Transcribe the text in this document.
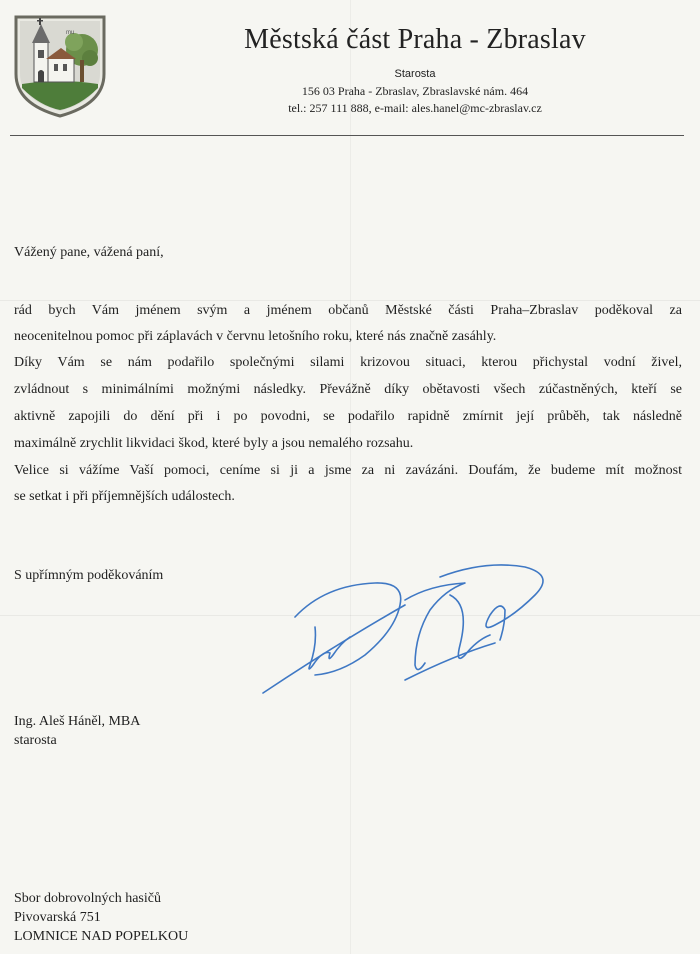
mu	Městská část Praha - Zbraslav
Starosta
156 03 Praha - Zbraslav, Zbraslavské nám. 464
tel.: 257 111 888, e-mail: ales.hanel@mc-zbraslav.cz
Vážený pane, vážená paní,
rád bych Vám jménem svým a jménem občanů Městské části Praha–Zbraslav poděkoval za
neocenitelnou pomoc při záplavách v červnu letošního roku, které nás značně zasáhly.
Díky Vám se nám podařilo společnými silami krizovou situaci, kterou přichystal vodní živel,
zvládnout s minimálními možnými následky. Převážně díky obětavosti všech zúčastněných, kteří se
aktivně zapojili do dění při i po povodni, se podařilo rapidně zmírnit její průběh, tak následně
maximálně zrychlit likvidaci škod, které byly a jsou nemalého rozsahu.
Velice si vážíme Vaší pomoci, ceníme si ji a jsme za ni zavázáni. Doufám, že budeme mít možnost
se setkat i při příjemnějších událostech.
S upřímným poděkováním
Ing. Aleš Háněl, MBA
starosta
Sbor dobrovolných hasičů
Pivovarská 751
LOMNICE NAD POPELKOU
